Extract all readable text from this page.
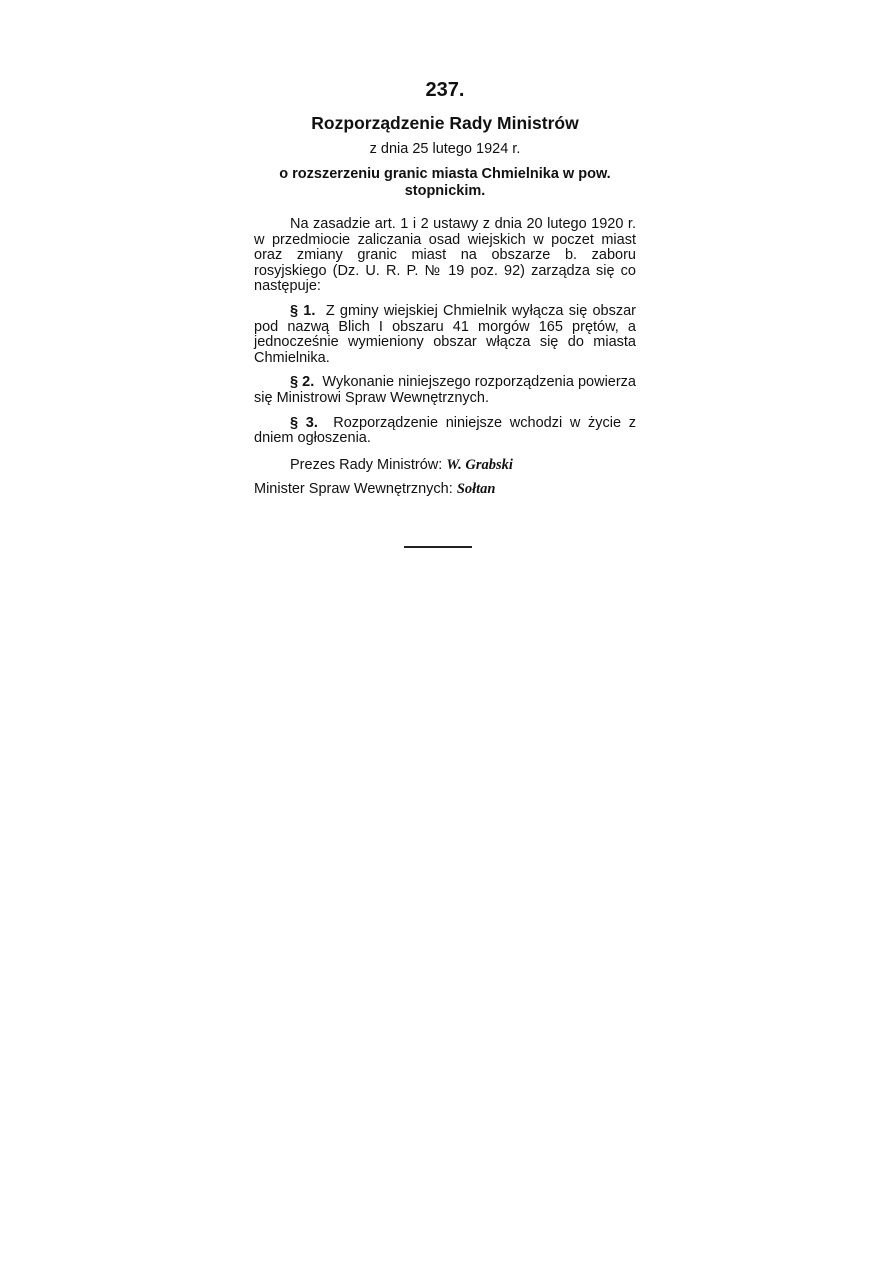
237.
Rozporządzenie Rady Ministrów
z dnia 25 lutego 1924 r.
o rozszerzeniu granic miasta Chmielnika w pow. stopnickim.

Na zasadzie art. 1 i 2 ustawy z dnia 20 lutego 1920 r. w przedmiocie zaliczania osad wiejskich w poczet miast oraz zmiany granic miast na obszarze b. zaboru rosyjskiego (Dz. U. R. P. № 19 poz. 92) zarządza się co następuje:

§ 1. Z gminy wiejskiej Chmielnik wyłącza się obszar pod nazwą Blich I obszaru 41 morgów 165 prętów, a jednocześnie wymieniony obszar włącza się do miasta Chmielnika.

§ 2. Wykonanie niniejszego rozporządzenia powierza się Ministrowi Spraw Wewnętrznych.

§ 3. Rozporządzenie niniejsze wchodzi w życie z dniem ogłoszenia.

Prezes Rady Ministrów: W. Grabski
Minister Spraw Wewnętrznych: Sołtan
